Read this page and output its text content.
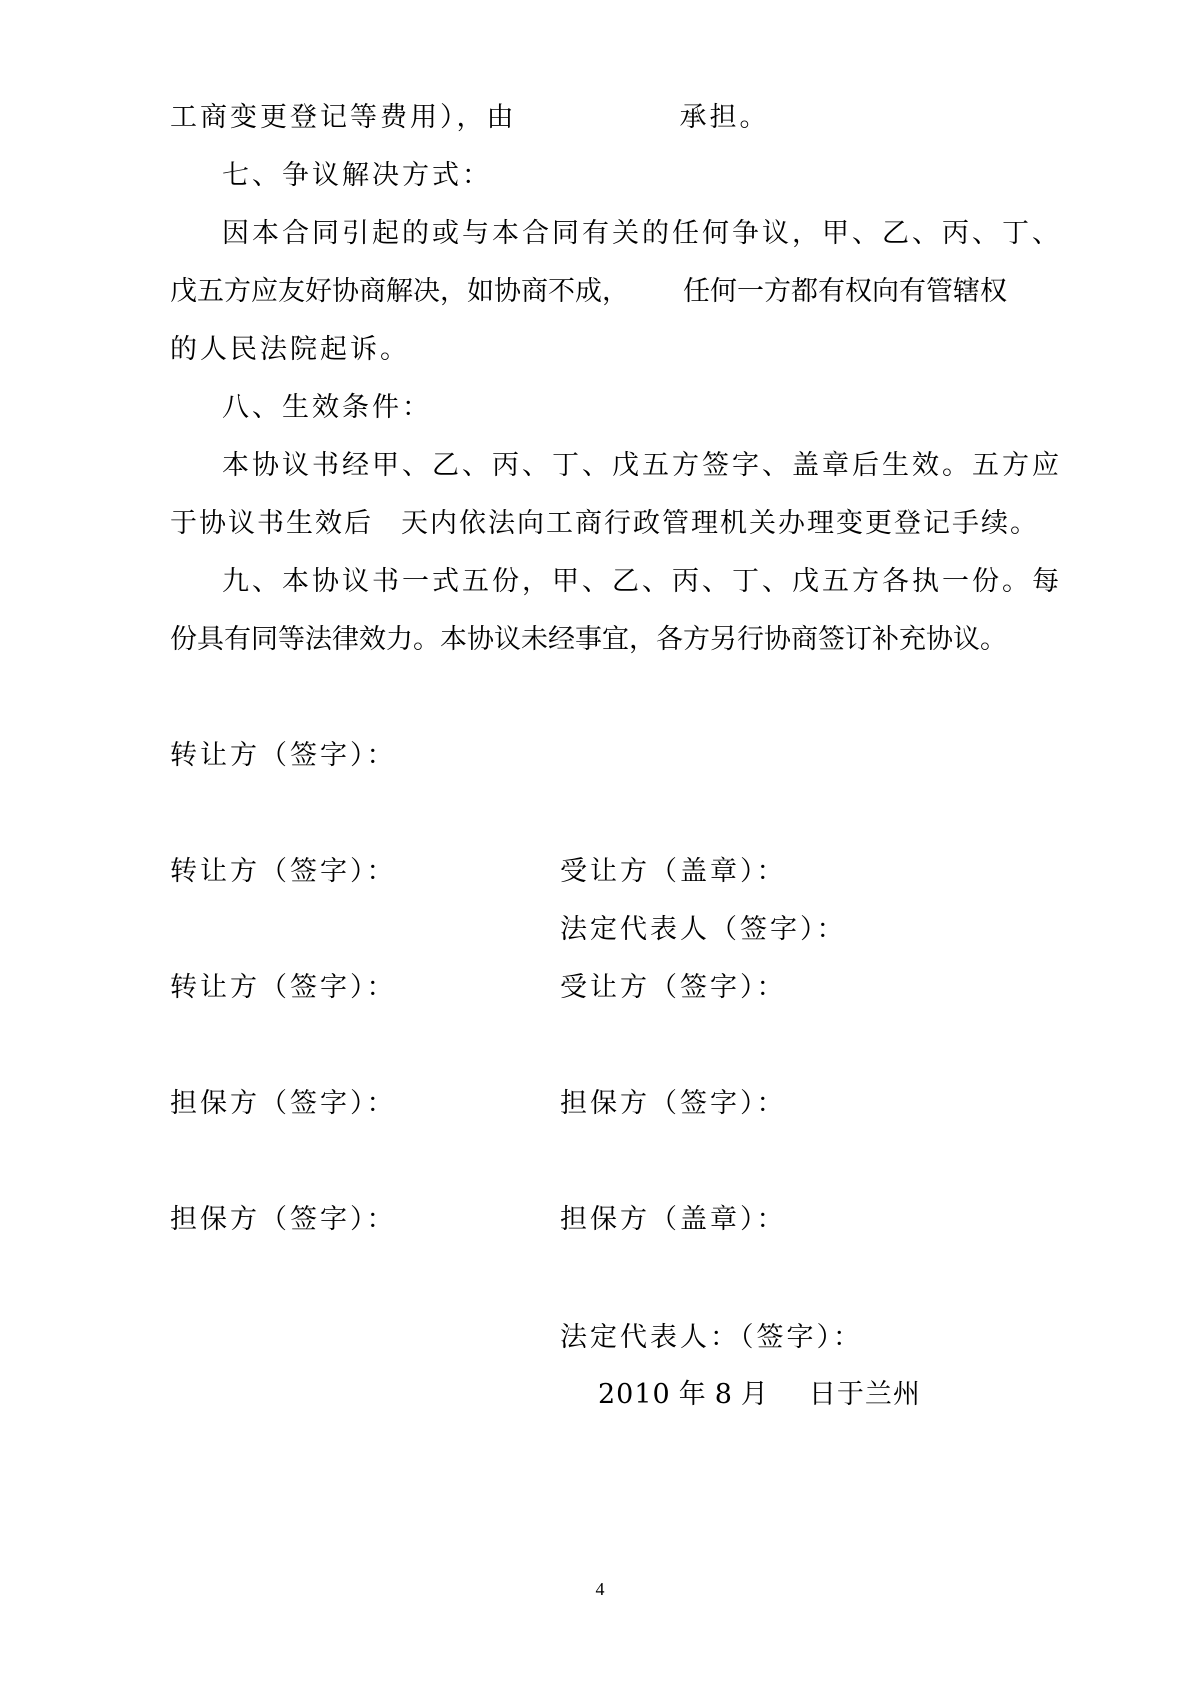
工商变更登记等费用），由	承担。
七、争议解决方式：
因本合同引起的或与本合同有关的任何争议，甲、乙、丙、丁、
戊五方应友好协商解决，如协商不成， 任何一方都有权向有管辖权
的人民法院起诉。
八、生效条件：
本协议书经甲、乙、丙、丁、戊五方签字、盖章后生效。五方应
于协议书生效后 天内依法向工商行政管理机关办理变更登记手续。
九、本协议书一式五份，甲、乙、丙、丁、戊五方各执一份。每
份具有同等法律效力。本协议未经事宜，各方另行协商签订补充协议。
转让方（签字）：
转让方（签字）：	受让方（盖章）：
法定代表人（签字）：
转让方（签字）：	受让方（签字）：
担保方（签字）：	担保方（签字）：
担保方（签字）：	担保方（盖章）：
法定代表人：（签字）：
2010 年 8 月 日于兰州
4
